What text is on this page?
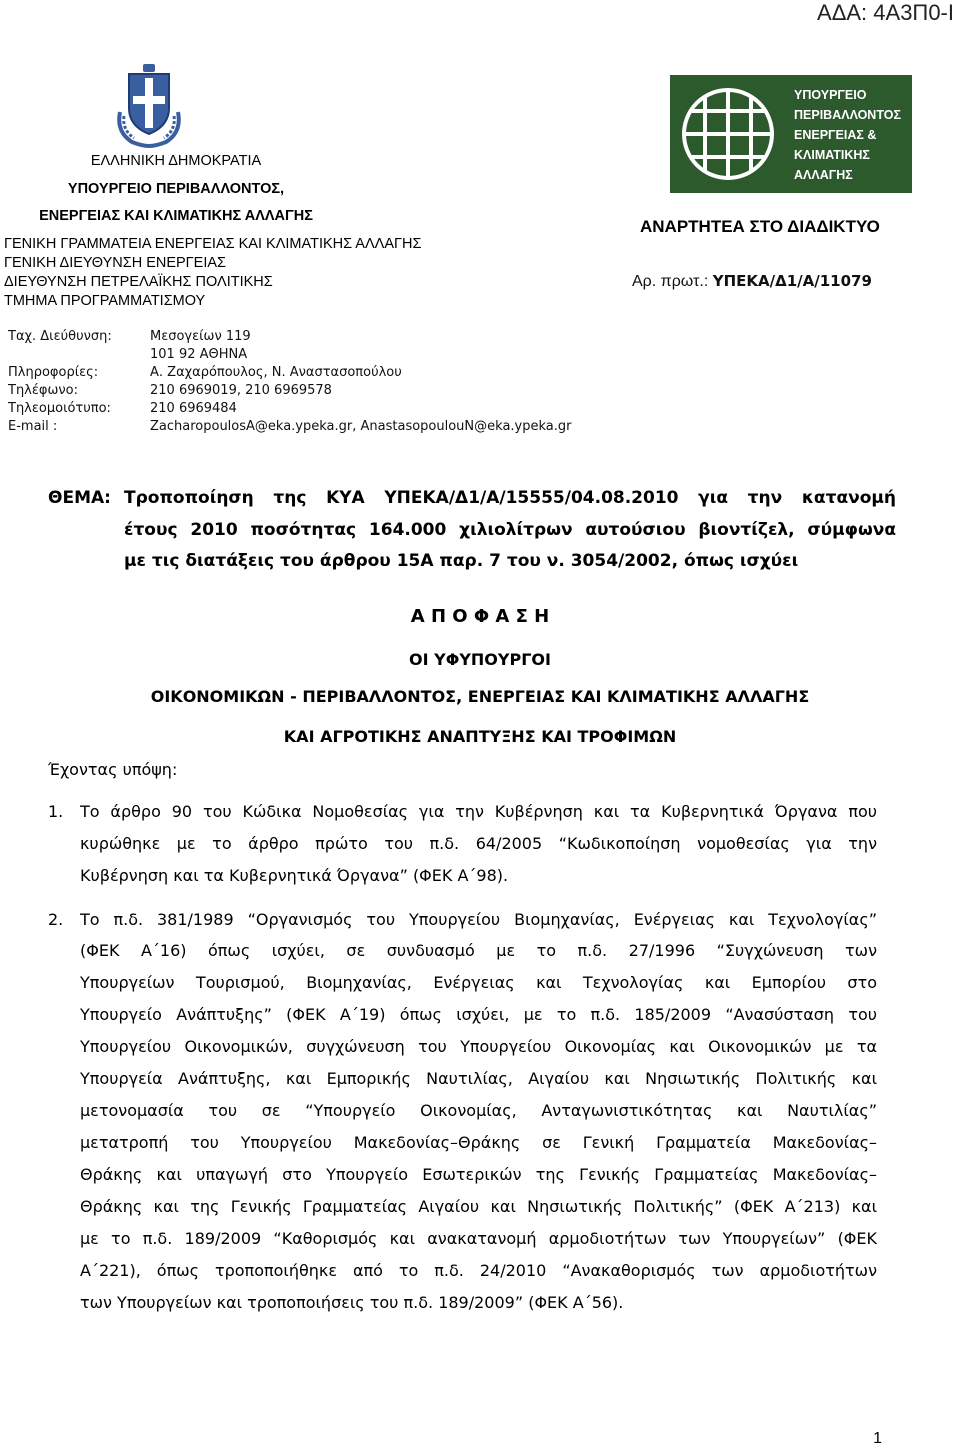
ΑΔΑ: 4Α3Π0-Ι
ΕΛΛΗΝΙΚΗ ΔΗΜΟΚΡΑΤΙΑ
ΥΠΟΥΡΓΕΙΟ ΠΕΡΙΒΑΛΛΟΝΤΟΣ,
ΕΝΕΡΓΕΙΑΣ ΚΑΙ ΚΛΙΜΑΤΙΚΗΣ ΑΛΛΑΓΗΣ
ΓΕΝΙΚΗ ΓΡΑΜΜΑΤΕΙΑ ΕΝΕΡΓΕΙΑΣ ΚΑΙ ΚΛΙΜΑΤΙΚΗΣ ΑΛΛΑΓΗΣ
ΓΕΝΙΚΗ ΔΙΕΥΘΥΝΣΗ ΕΝΕΡΓΕΙΑΣ
ΔΙΕΥΘΥΝΣΗ ΠΕΤΡΕΛΑΪΚΗΣ ΠΟΛΙΤΙΚΗΣ
ΤΜΗΜΑ ΠΡΟΓΡΑΜΜΑΤΙΣΜΟΥ
ΥΠΟΥΡΓΕΙΟ
ΠΕΡΙΒΑΛΛΟΝΤΟΣ
ΕΝΕΡΓΕΙΑΣ &
ΚΛΙΜΑΤΙΚΗΣ
ΑΛΛΑΓΗΣ
ΑΝΑΡΤΗΤΕΑ ΣΤΟ ΔΙΑΔΙΚΤΥΟ
Αρ. πρωτ.: ΥΠΕΚΑ/Δ1/Α/11079
Ταχ. Διεύθυνση:	Μεσογείων 119
101 92 ΑΘΗΝΑ
Πληροφορίες:	Α. Ζαχαρόπουλος, Ν. Αναστασοπούλου
Τηλέφωνο:	210 6969019, 210 6969578
Τηλεομοιότυπο:	210 6969484
E-mail :	ZacharopoulosA@eka.ypeka.gr, AnastasopoulouN@eka.ypeka.gr
ΘΕΜΑ: Τροποποίηση της ΚΥΑ ΥΠΕΚΑ/Δ1/Α/15555/04.08.2010 για την κατανομή
έτους 2010 ποσότητας 164.000 χιλιολίτρων αυτούσιου βιοντίζελ, σύμφωνα
με τις διατάξεις του άρθρου 15Α παρ. 7 του ν. 3054/2002, όπως ισχύει
Α Π Ο Φ Α Σ Η
ΟΙ ΥΦΥΠΟΥΡΓΟΙ
ΟΙΚΟΝΟΜΙΚΩΝ - ΠΕΡΙΒΑΛΛΟΝΤΟΣ, ΕΝΕΡΓΕΙΑΣ ΚΑΙ ΚΛΙΜΑΤΙΚΗΣ ΑΛΛΑΓΗΣ
ΚΑΙ ΑΓΡΟΤΙΚΗΣ ΑΝΑΠΤΥΞΗΣ ΚΑΙ ΤΡΟΦΙΜΩΝ
Έχοντας υπόψη:
1. Το άρθρο 90 του Κώδικα Νομοθεσίας για την Κυβέρνηση και τα Κυβερνητικά Όργανα που
κυρώθηκε με το άρθρο πρώτο του π.δ. 64/2005 “Κωδικοποίηση νομοθεσίας για την
Κυβέρνηση και τα Κυβερνητικά Όργανα” (ΦΕΚ Α΄98).
2. Το π.δ. 381/1989 “Οργανισμός του Υπουργείου Βιομηχανίας, Ενέργειας και Τεχνολογίας”
(ΦΕΚ Α΄16) όπως ισχύει, σε συνδυασμό με το π.δ. 27/1996 “Συγχώνευση των
Υπουργείων Τουρισμού, Βιομηχανίας, Ενέργειας και Τεχνολογίας και Εμπορίου στο
Υπουργείο Ανάπτυξης” (ΦΕΚ Α΄19) όπως ισχύει, με το π.δ. 185/2009 “Ανασύσταση του
Υπουργείου Οικονομικών, συγχώνευση του Υπουργείου Οικονομίας και Οικονομικών με τα
Υπουργεία Ανάπτυξης, και Εμπορικής Ναυτιλίας, Αιγαίου και Νησιωτικής Πολιτικής και
μετονομασία του σε “Υπουργείο Οικονομίας, Ανταγωνιστικότητας και Ναυτιλίας”
μετατροπή του Υπουργείου Μακεδονίας–Θράκης σε Γενική Γραμματεία Μακεδονίας–
Θράκης και υπαγωγή στο Υπουργείο Εσωτερικών της Γενικής Γραμματείας Μακεδονίας–
Θράκης και της Γενικής Γραμματείας Αιγαίου και Νησιωτικής Πολιτικής” (ΦΕΚ Α΄213) και
με το π.δ. 189/2009 “Καθορισμός και ανακατανομή αρμοδιοτήτων των Υπουργείων” (ΦΕΚ
Α΄221), όπως τροποποιήθηκε από το π.δ. 24/2010 “Ανακαθορισμός των αρμοδιοτήτων
των Υπουργείων και τροποποιήσεις του π.δ. 189/2009” (ΦΕΚ Α΄56).
1
